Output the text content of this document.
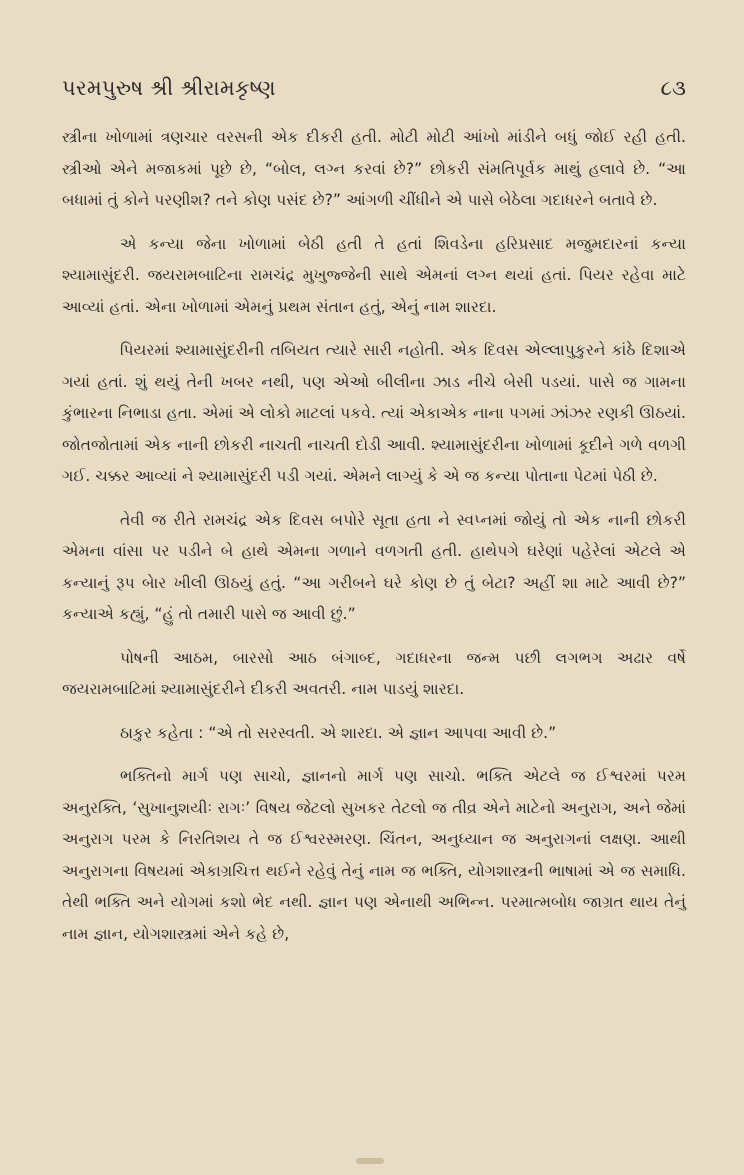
પરમપુરુષ શ્રી શ્રીરામકૃષ્ણ	૮૩

સ્ત્રીના ખોળામાં ત્રણચાર વરસની એક દીકરી હતી. મોટી મોટી આંખો માંડીને બધું જોઈ રહી હતી. સ્ત્રીઓ એને મજાકમાં પૂછે છે, “બોલ, લગ્ન કરવાં છે?” છોકરી સંમતિપૂર્વક માથું હલાવે છે. “આ બધામાં તું કોને પરણીશ? તને કોણ પસંદ છે?” આંગળી ચીંધીને એ પાસે બેઠેલા ગદાધરને બતાવે છે.

એ કન્યા જેના ખોળામાં બેઠી હતી તે હતાં શિવડેના હરિપ્રસાદ મજુમદારનાં કન્યા શ્યામાસુંદરી. જયરામબાટિના રામચંદ્ર મુખુજ્જેની સાથે એમનાં લગ્ન થયાં હતાં. પિયર રહેવા માટે આવ્યાં હતાં. એના ખોળામાં એમનું પ્રથમ સંતાન હતું, એનું નામ શારદા.

પિયરમાં શ્યામાસુંદરીની તબિયત ત્યારે સારી નહોતી. એક દિવસ એલ્લાપુકુરને કાંઠે દિશાએ ગયાં હતાં. શું થયું તેની ખબર નથી, પણ એઓ બીલીના ઝાડ નીચે બેસી પડયાં. પાસે જ ગામના કુંભારના નિભાડા હતા. એમાં એ લોકો માટલાં પકવે. ત્યાં એકાએક નાના પગમાં ઝાંઝર રણકી ઊઠયાં. જોતજોતામાં એક નાની છોકરી નાચતી નાચતી દોડી આવી. શ્યામાસુંદરીના ખોળામાં કૂદીને ગળે વળગી ગઈ. ચક્કર આવ્યાં ને શ્યામાસુંદરી પડી ગયાં. એમને લાગ્યું કે એ જ કન્યા પોતાના પેટમાં પેઠી છે.

તેવી જ રીતે રામચંદ્ર એક દિવસ બપોરે સૂતા હતા ને સ્વપ્નમાં જોયું તો એક નાની છોકરી એમના વાંસા પર પડીને બે હાથે એમના ગળાને વળગતી હતી. હાથેપગે ઘરેણાં પહેરેલાં એટલે એ કન્યાનું રૂપ બેાર ખીલી ઊઠયું હતું. “આ ગરીબને ઘરે કોણ છે તું બેટા? અહીં શા માટે આવી છે?” કન્યાએ કહ્યું, “હું તો તમારી પાસે જ આવી છું.”

પોષની આઠમ, બારસો આઠ બંગાબ્દ, ગદાધરના જન્મ પછી લગભગ અઢાર વર્ષે જયરામબાટિમાં શ્યામાસુંદરીને દીકરી અવતરી. નામ પાડયું શારદા.

ઠાકુર કહેતા : “એ તો સરસ્વતી. એ શારદા. એ જ્ઞાન આપવા આવી છે.”

ભક્તિનો માર્ગ પણ સાચો, જ્ઞાનનો માર્ગ પણ સાચો. ભક્તિ એટલે જ ઈશ્વરમાં પરમ અનુરક્તિ, ‘સુખાનુશયીઃ રાગઃ’ વિષય જેટલો સુખકર તેટલો જ તીવ્ર એને માટેનો અનુરાગ, અને જેમાં અનુરાગ પરમ કે નિરતિશય તે જ ઈશ્વરસ્મરણ. ચિંતન, અનુધ્યાન જ અનુરાગનાં લક્ષણ. આથી અનુરાગના વિષયમાં એકાગ્રચિત્ત થઈને રહેવું તેનું નામ જ ભક્તિ, યોગશાસ્ત્રની ભાષામાં એ જ સમાધિ. તેથી ભક્તિ અને યોગમાં કશો ભેદ નથી. જ્ઞાન પણ એનાથી અભિન્ન. પરમાત્મબોધ જાગ્રત થાય તેનું નામ જ્ઞાન, યોગશાસ્ત્રમાં એને કહે છે,
